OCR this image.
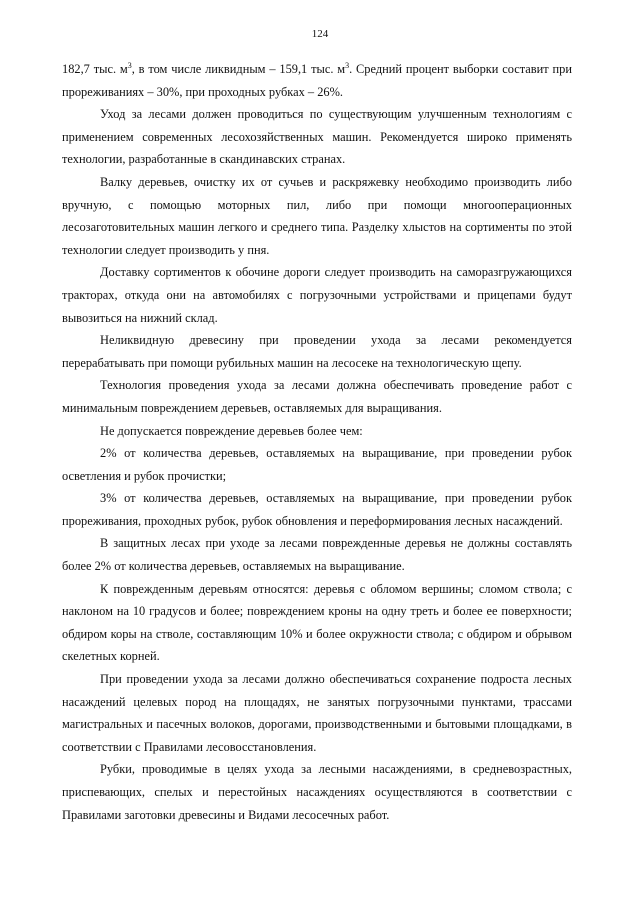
124

182,7 тыс. $м^3$, в том числе ликвидным – 159,1 тыс. $м^3$. Средний процент выборки составит при прореживаниях – 30%, при проходных рубках – 26%.

Уход за лесами должен проводиться по существующим улучшенным технологиям с применением современных лесохозяйственных машин. Рекомендуется широко применять технологии, разработанные в скандинавских странах.

Валку деревьев, очистку их от сучьев и раскряжевку необходимо производить либо вручную, с помощью моторных пил, либо при помощи многооперационных лесозаготовительных машин легкого и среднего типа. Разделку хлыстов на сортименты по этой технологии следует производить у пня.

Доставку сортиментов к обочине дороги следует производить на саморазгружающихся тракторах, откуда они на автомобилях с погрузочными устройствами и прицепами будут вывозиться на нижний склад.

Неликвидную древесину при проведении ухода за лесами рекомендуется перерабатывать при помощи рубильных машин на лесосеке на технологическую щепу.

Технология проведения ухода за лесами должна обеспечивать проведение работ с минимальным повреждением деревьев, оставляемых для выращивания.

Не допускается повреждение деревьев более чем:

2% от количества деревьев, оставляемых на выращивание, при проведении рубок осветления и рубок прочистки;

3% от количества деревьев, оставляемых на выращивание, при проведении рубок прореживания, проходных рубок, рубок обновления и переформирования лесных насаждений.

В защитных лесах при уходе за лесами поврежденные деревья не должны составлять более 2% от количества деревьев, оставляемых на выращивание.

К поврежденным деревьям относятся: деревья с обломом вершины; сломом ствола; с наклоном на 10 градусов и более; повреждением кроны на одну треть и более ее поверхности; обдиром коры на стволе, составляющим 10% и более окружности ствола; с обдиром и обрывом скелетных корней.

При проведении ухода за лесами должно обеспечиваться сохранение подроста лесных насаждений целевых пород на площадях, не занятых погрузочными пунктами, трассами магистральных и пасечных волоков, дорогами, производственными и бытовыми площадками, в соответствии с Правилами лесовосстановления.

Рубки, проводимые в целях ухода за лесными насаждениями, в средневозрастных, приспевающих, спелых и перестойных насаждениях осуществляются в соответствии с Правилами заготовки древесины и Видами лесосечных работ.
